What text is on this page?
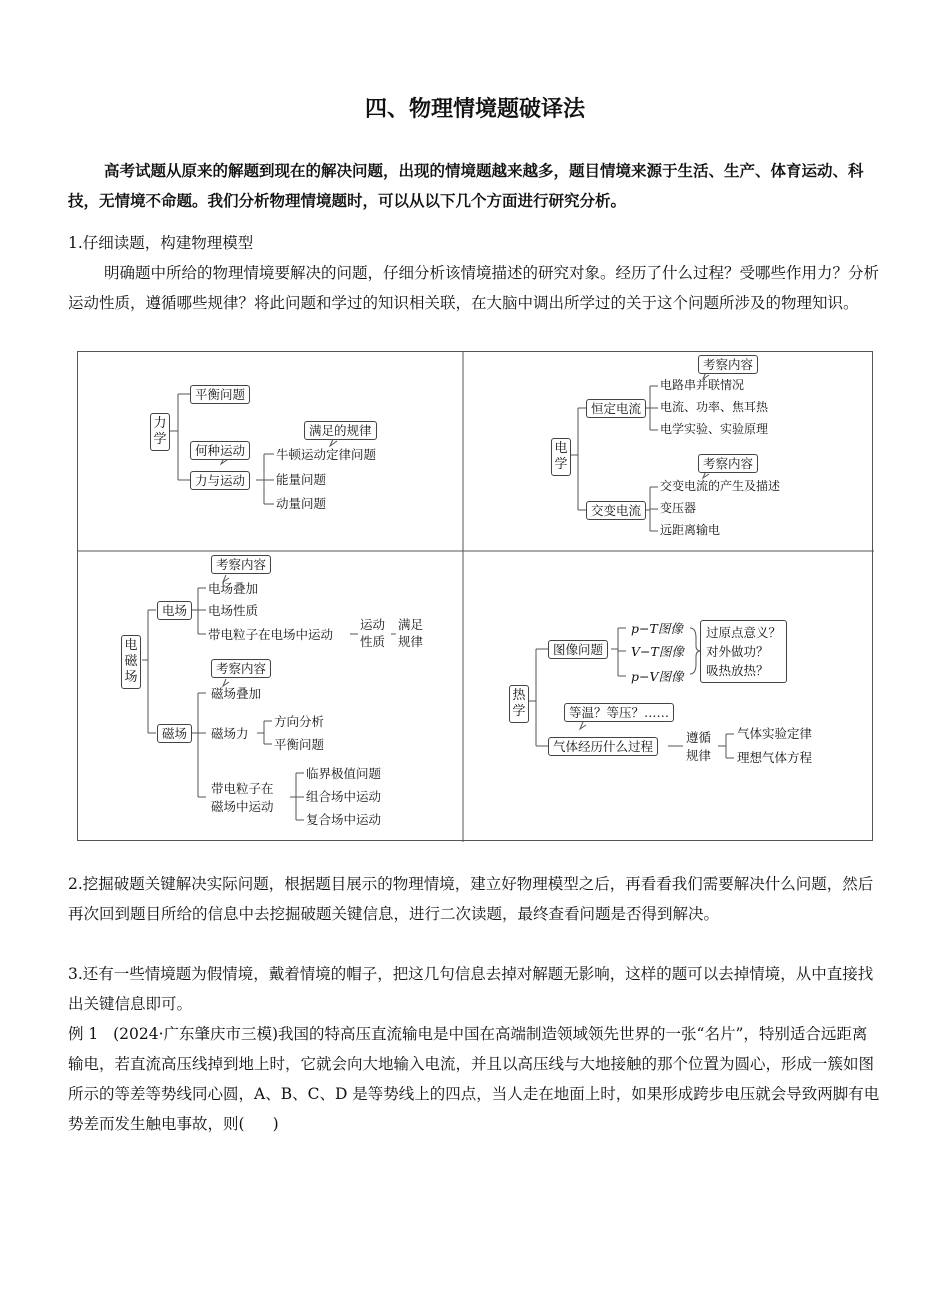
四、物理情境题破译法

高考试题从原来的解题到现在的解决问题，出现的情境题越来越多，题目情境来源于生活、生产、体育运动、科技，无情境不命题。我们分析物理情境题时，可以从以下几个方面进行研究分析。

1.仔细读题，构建物理模型

明确题中所给的物理情境要解决的问题，仔细分析该情境描述的研究对象。经历了什么过程？受哪些作用力？分析运动性质，遵循哪些规律？将此问题和学过的知识相关联，在大脑中调出所学过的关于这个问题所涉及的物理知识。

力
学
平衡问题
何种运动
力与运动
满足的规律
牛顿运动定律问题
能量问题
动量问题
电
学
考察内容
恒定电流
电路串并联情况
电流、功率、焦耳热
电学实验、实验原理
考察内容
交变电流
交变电流的产生及描述
变压器
远距离输电
电
磁
场
考察内容
电场
电场叠加
电场性质
带电粒子在电场中运动
运动
性质
满足
规律
考察内容
磁场
磁场叠加
磁场力
方向分析
平衡问题
带电粒子在
磁场中运动
临界极值问题
组合场中运动
复合场中运动
热
学
图像问题
p−T图像
V−T图像
p−V图像
过原点意义？
对外做功？
吸热放热？
等温？等压？……
气体经历什么过程
遵循
规律
气体实验定律
理想气体方程

2.挖掘破题关键解决实际问题，根据题目展示的物理情境，建立好物理模型之后，再看看我们需要解决什么问题，然后再次回到题目所给的信息中去挖掘破题关键信息，进行二次读题，最终查看问题是否得到解决。

3.还有一些情境题为假情境，戴着情境的帽子，把这几句信息去掉对解题无影响，这样的题可以去掉情境，从中直接找出关键信息即可。

例 1 (2024·广东肇庆市三模)我国的特高压直流输电是中国在高端制造领域领先世界的一张“名片”，特别适合远距离输电，若直流高压线掉到地上时，它就会向大地输入电流，并且以高压线与大地接触的那个位置为圆心，形成一簇如图所示的等差等势线同心圆，A、B、C、D 是等势线上的四点，当人走在地面上时，如果形成跨步电压就会导致两脚有电势差而发生触电事故，则( )
